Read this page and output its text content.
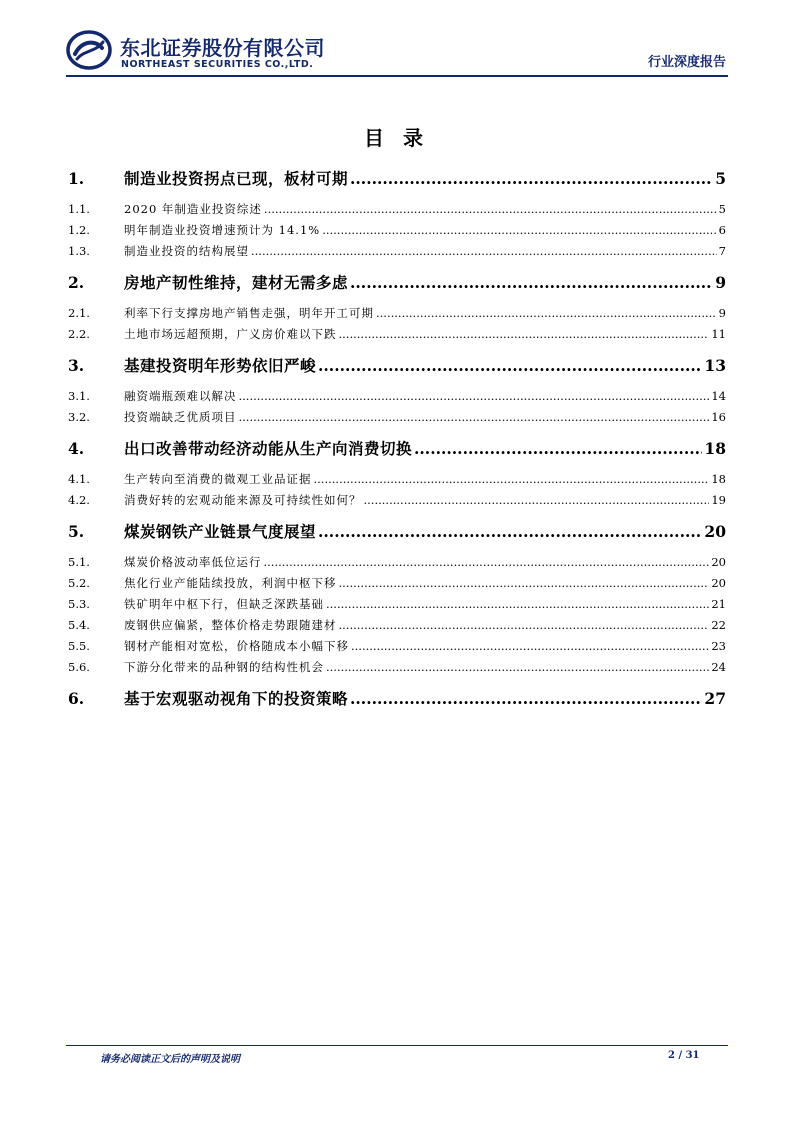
东北证券股份有限公司
NORTHEAST SECURITIES CO.,LTD.	行业深度报告
目 录
1.	制造业投资拐点已现，板材可期 .....	5
1.1.	2020 年制造业投资综述 .....	5
1.2.	明年制造业投资增速预计为 14.1% .....	6
1.3.	制造业投资的结构展望 .....	7
2.	房地产韧性维持，建材无需多虑 .....	9
2.1.	利率下行支撑房地产销售走强，明年开工可期 .....	9
2.2.	土地市场远超预期，广义房价难以下跌 .....	11
3.	基建投资明年形势依旧严峻 .....	13
3.1.	融资端瓶颈难以解决 .....	14
3.2.	投资端缺乏优质项目 .....	16
4.	出口改善带动经济动能从生产向消费切换 .....	18
4.1.	生产转向至消费的微观工业品证据 .....	18
4.2.	消费好转的宏观动能来源及可持续性如何？ .....	19
5.	煤炭钢铁产业链景气度展望 .....	20
5.1.	煤炭价格波动率低位运行 .....	20
5.2.	焦化行业产能陆续投放，利润中枢下移 .....	20
5.3.	铁矿明年中枢下行，但缺乏深跌基础 .....	21
5.4.	废钢供应偏紧，整体价格走势跟随建材 .....	22
5.5.	钢材产能相对宽松，价格随成本小幅下移 .....	23
5.6.	下游分化带来的品种钢的结构性机会 .....	24
6.	基于宏观驱动视角下的投资策略 .....	27
请务必阅读正文后的声明及说明	2 / 31
